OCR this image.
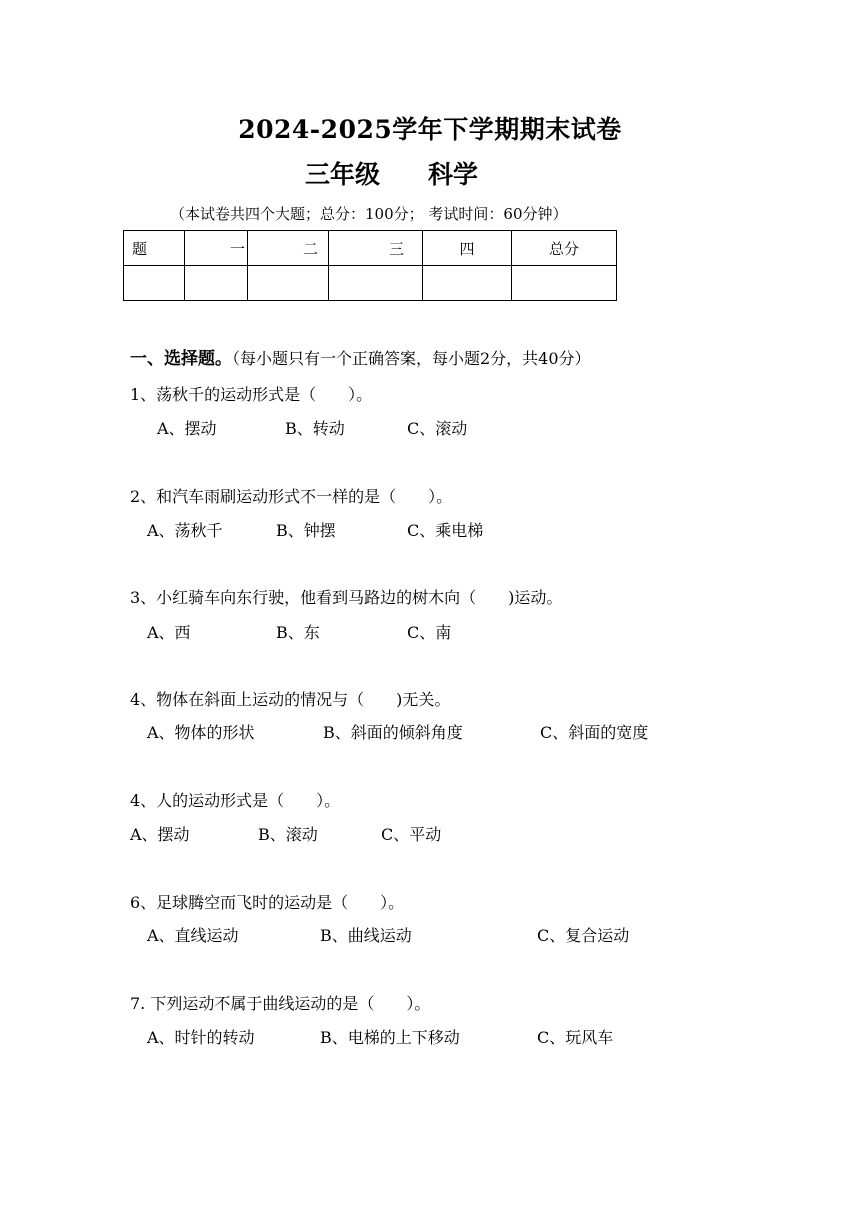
2024-2025学年下学期期末试卷
三年级 科学
（本试卷共四个大题；总分：100分； 考试时间：60分钟）
题	一	二	三	四	总分

一、选择题。（每小题只有一个正确答案，每小题2分，共40分）
1、荡秋千的运动形式是（　　）。
A、摆动	B、转动	C、滚动
2、和汽车雨刷运动形式不一样的是（　　）。
A、荡秋千	B、钟摆	C、乘电梯
3、小红骑车向东行驶，他看到马路边的树木向（　　)运动。
A、西	B、东	C、南
4、物体在斜面上运动的情况与（　　)无关。
A、物体的形状	B、斜面的倾斜角度	C、斜面的宽度
4、人的运动形式是（　　）。
A、摆动	B、滚动	C、平动
6、足球腾空而飞时的运动是（　　）。
A、直线运动	B、曲线运动	C、复合运动
7. 下列运动不属于曲线运动的是（　　）。
A、时针的转动	B、电梯的上下移动	C、玩风车
